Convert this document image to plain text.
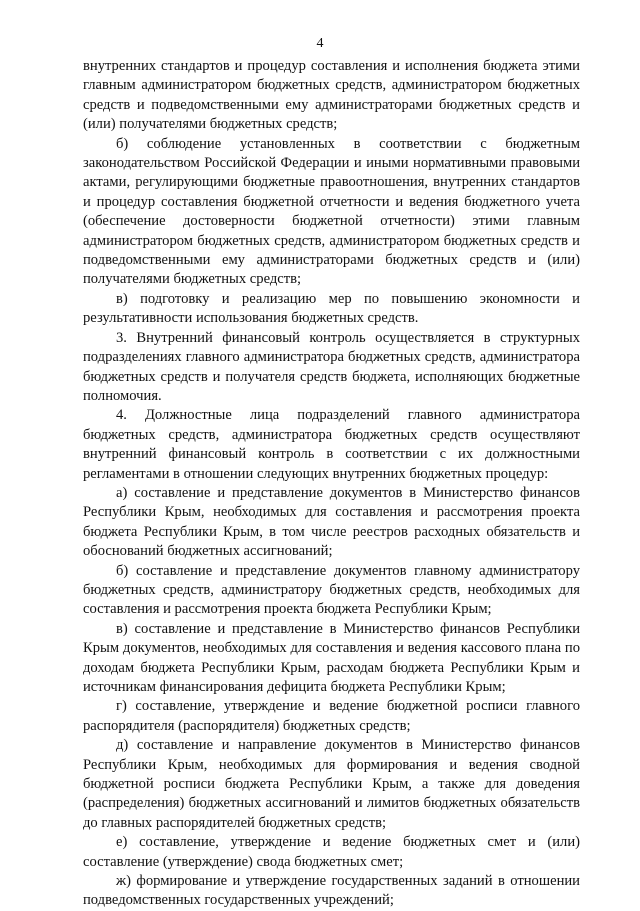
4

внутренних стандартов и процедур составления и исполнения бюджета этими главным администратором бюджетных средств, администратором бюджетных средств и подведомственными ему администраторами бюджетных средств и (или) получателями бюджетных средств;

б) соблюдение установленных в соответствии с бюджетным законодательством Российской Федерации и иными нормативными правовыми актами, регулирующими бюджетные правоотношения, внутренних стандартов и процедур составления бюджетной отчетности и ведения бюджетного учета (обеспечение достоверности бюджетной отчетности) этими главным администратором бюджетных средств, администратором бюджетных средств и подведомственными ему администраторами бюджетных средств и (или) получателями бюджетных средств;

в) подготовку и реализацию мер по повышению экономности и результативности использования бюджетных средств.

3. Внутренний финансовый контроль осуществляется в структурных подразделениях главного администратора бюджетных средств, администратора бюджетных средств и получателя средств бюджета, исполняющих бюджетные полномочия.

4. Должностные лица подразделений главного администратора бюджетных средств, администратора бюджетных средств осуществляют внутренний финансовый контроль в соответствии с их должностными регламентами в отношении следующих внутренних бюджетных процедур:

а) составление и представление документов в Министерство финансов Республики Крым, необходимых для составления и рассмотрения проекта бюджета Республики Крым, в том числе реестров расходных обязательств и обоснований бюджетных ассигнований;

б) составление и представление документов главному администратору бюджетных средств, администратору бюджетных средств, необходимых для составления и рассмотрения проекта бюджета Республики Крым;

в) составление и представление в Министерство финансов Республики Крым документов, необходимых для составления и ведения кассового плана по доходам бюджета Республики Крым, расходам бюджета Республики Крым и источникам финансирования дефицита бюджета Республики Крым;

г) составление, утверждение и ведение бюджетной росписи главного распорядителя (распорядителя) бюджетных средств;

д) составление и направление документов в Министерство финансов Республики Крым, необходимых для формирования и ведения сводной бюджетной росписи бюджета Республики Крым, а также для доведения (распределения) бюджетных ассигнований и лимитов бюджетных обязательств до главных распорядителей бюджетных средств;

е) составление, утверждение и ведение бюджетных смет и (или) составление (утверждение) свода бюджетных смет;

ж) формирование и утверждение государственных заданий в отношении подведомственных государственных учреждений;
